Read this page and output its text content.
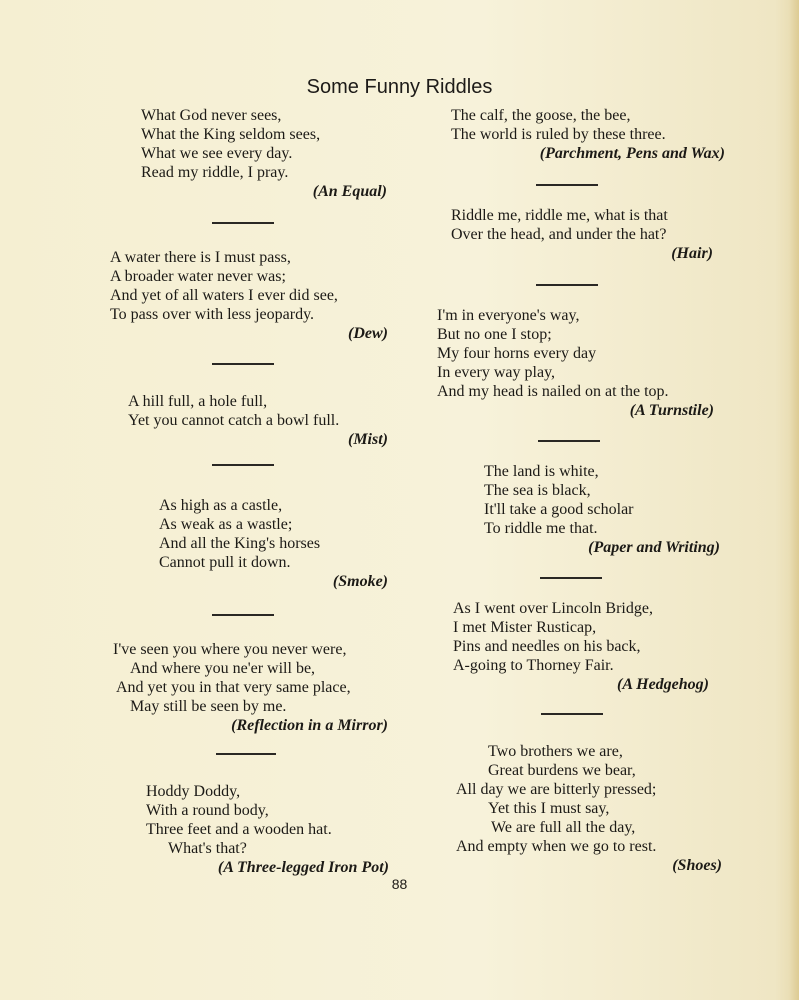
Some Funny Riddles
What God never sees,
What the King seldom sees,
What we see every day.
Read my riddle, I pray.
(An Equal)
A water there is I must pass,
A broader water never was;
And yet of all waters I ever did see,
To pass over with less jeopardy.
(Dew)
A hill full, a hole full,
Yet you cannot catch a bowl full.
(Mist)
As high as a castle,
As weak as a wastle;
And all the King's horses
Cannot pull it down.
(Smoke)
I've seen you where you never were,
And where you ne'er will be,
And yet you in that very same place,
May still be seen by me.
(Reflection in a Mirror)
Hoddy Doddy,
With a round body,
Three feet and a wooden hat.
What's that?
(A Three-legged Iron Pot)
The calf, the goose, the bee,
The world is ruled by these three.
(Parchment, Pens and Wax)
Riddle me, riddle me, what is that
Over the head, and under the hat?
(Hair)
I'm in everyone's way,
But no one I stop;
My four horns every day
In every way play,
And my head is nailed on at the top.
(A Turnstile)
The land is white,
The sea is black,
It'll take a good scholar
To riddle me that.
(Paper and Writing)
As I went over Lincoln Bridge,
I met Mister Rusticap,
Pins and needles on his back,
A-going to Thorney Fair.
(A Hedgehog)
Two brothers we are,
Great burdens we bear,
All day we are bitterly pressed;
Yet this I must say,
We are full all the day,
And empty when we go to rest.
(Shoes)
88
